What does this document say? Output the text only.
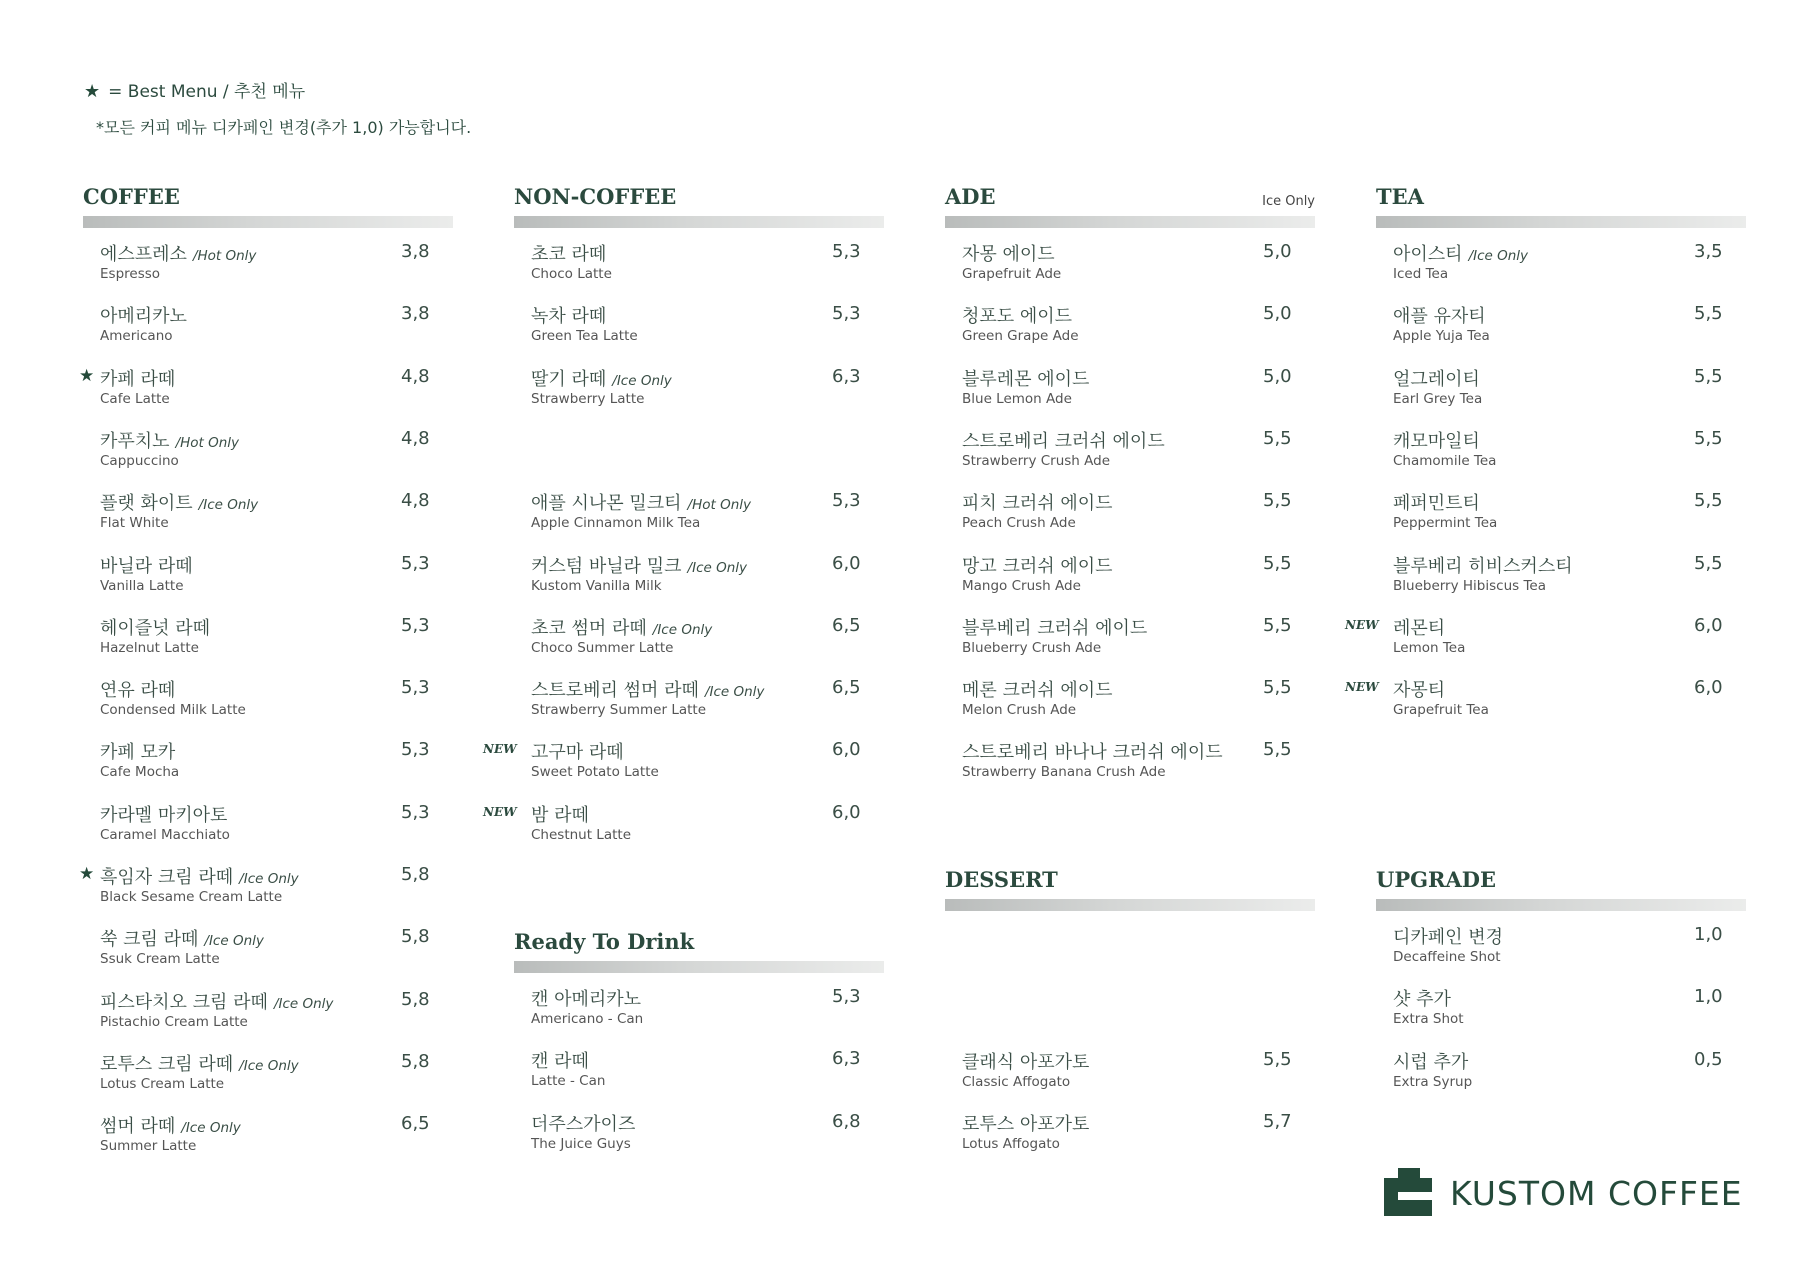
★ = Best Menu / 추천 메뉴
*모든 커피 메뉴 디카페인 변경(추가 1,0) 가능합니다.
COFFEE
에스프레소 /Hot Only
Espresso
3,8
아메리카노
Americano
3,8
★ 카페 라떼
Cafe Latte
4,8
카푸치노 /Hot Only
Cappuccino
4,8
플랫 화이트 /Ice Only
Flat White
4,8
바닐라 라떼
Vanilla Latte
5,3
헤이즐넛 라떼
Hazelnut Latte
5,3
연유 라떼
Condensed Milk Latte
5,3
카페 모카
Cafe Mocha
5,3
카라멜 마키아토
Caramel Macchiato
5,3
★ 흑임자 크림 라떼 /Ice Only
Black Sesame Cream Latte
5,8
쑥 크림 라떼 /Ice Only
Ssuk Cream Latte
5,8
피스타치오 크림 라떼 /Ice Only
Pistachio Cream Latte
5,8
로투스 크림 라떼 /Ice Only
Lotus Cream Latte
5,8
썸머 라떼 /Ice Only
Summer Latte
6,5
NON-COFFEE
초코 라떼
Choco Latte
5,3
녹차 라떼
Green Tea Latte
5,3
딸기 라떼 /Ice Only
Strawberry Latte
6,3
애플 시나몬 밀크티 /Hot Only
Apple Cinnamon Milk Tea
5,3
커스텀 바닐라 밀크 /Ice Only
Kustom Vanilla Milk
6,0
초코 썸머 라떼 /Ice Only
Choco Summer Latte
6,5
스트로베리 썸머 라떼 /Ice Only
Strawberry Summer Latte
6,5
NEW 고구마 라떼
Sweet Potato Latte
6,0
NEW 밤 라떼
Chestnut Latte
6,0
Ready To Drink
캔 아메리카노
Americano - Can
5,3
캔 라떼
Latte - Can
6,3
더주스가이즈
The Juice Guys
6,8
ADE	Ice Only
자몽 에이드
Grapefruit Ade
5,0
청포도 에이드
Green Grape Ade
5,0
블루레몬 에이드
Blue Lemon Ade
5,0
스트로베리 크러쉬 에이드
Strawberry Crush Ade
5,5
피치 크러쉬 에이드
Peach Crush Ade
5,5
망고 크러쉬 에이드
Mango Crush Ade
5,5
블루베리 크러쉬 에이드
Blueberry Crush Ade
5,5
메론 크러쉬 에이드
Melon Crush Ade
5,5
스트로베리 바나나 크러쉬 에이드
Strawberry Banana Crush Ade
5,5
DESSERT
클래식 아포가토
Classic Affogato
5,5
로투스 아포가토
Lotus Affogato
5,7
TEA
아이스티 /Ice Only
Iced Tea
3,5
애플 유자티
Apple Yuja Tea
5,5
얼그레이티
Earl Grey Tea
5,5
캐모마일티
Chamomile Tea
5,5
페퍼민트티
Peppermint Tea
5,5
블루베리 히비스커스티
Blueberry Hibiscus Tea
5,5
NEW 레몬티
Lemon Tea
6,0
NEW 자몽티
Grapefruit Tea
6,0
UPGRADE
디카페인 변경
Decaffeine Shot
1,0
샷 추가
Extra Shot
1,0
시럽 추가
Extra Syrup
0,5
KUSTOM COFFEE
